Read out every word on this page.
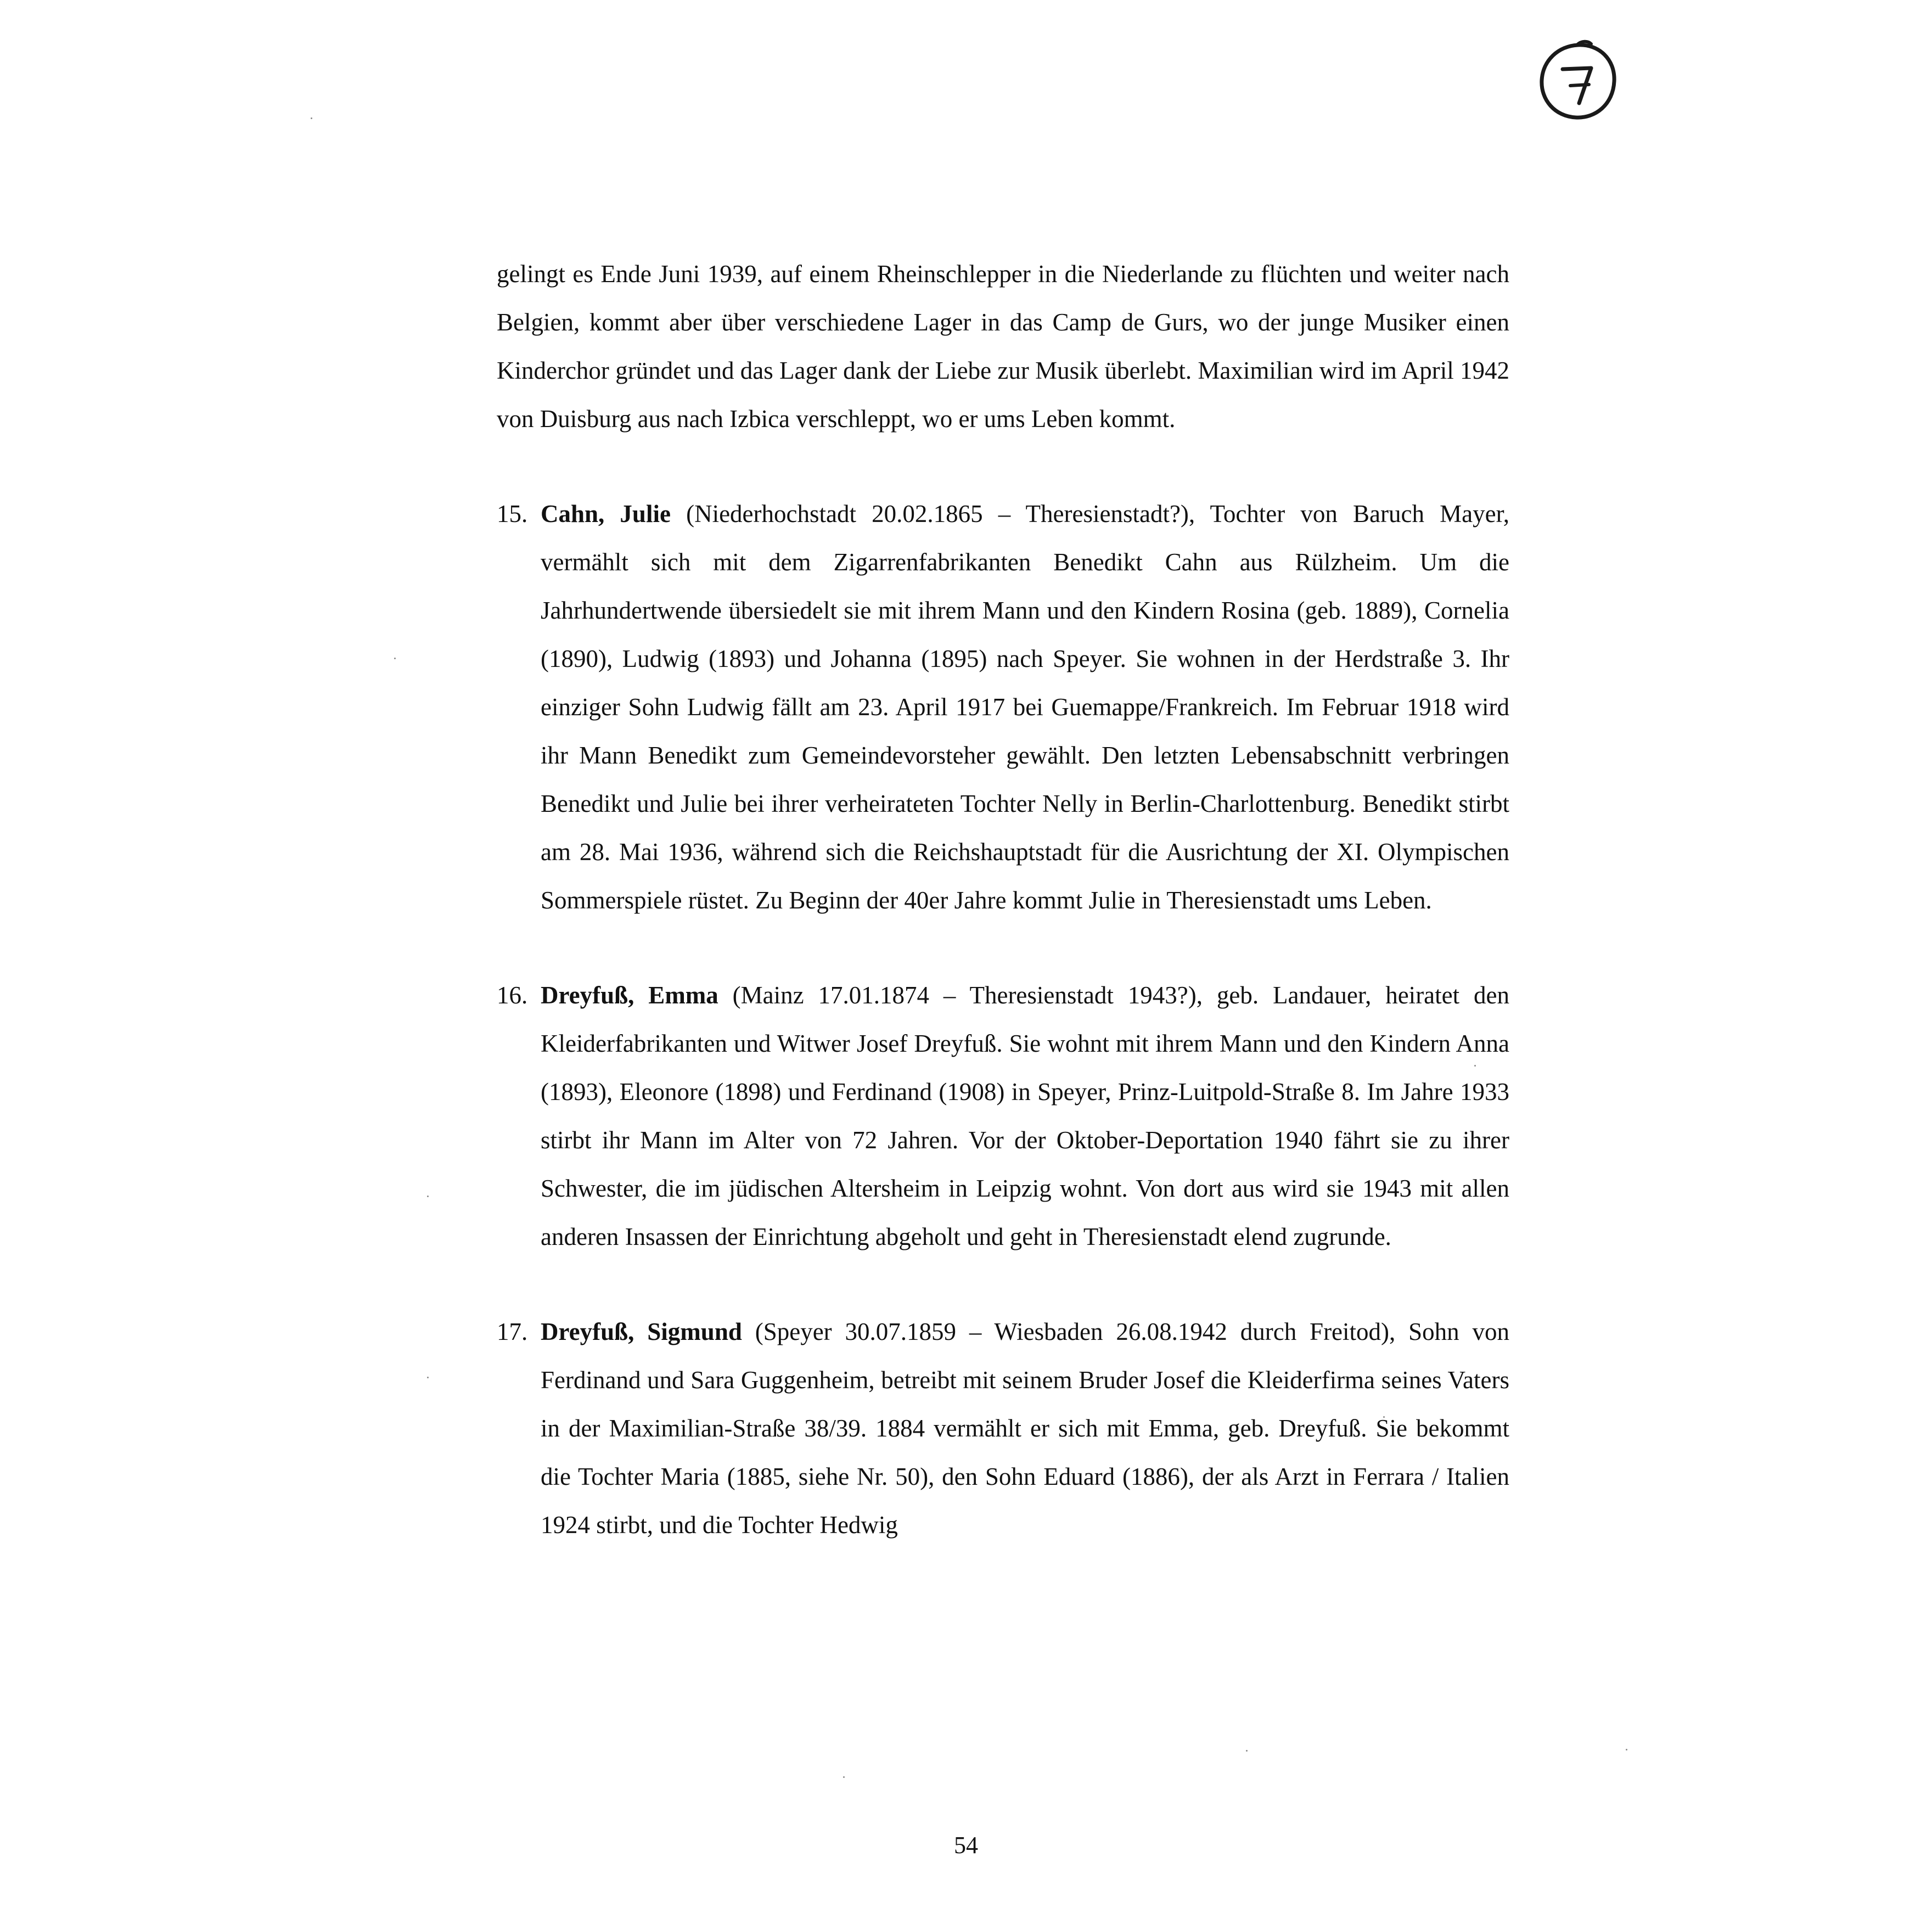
gelingt es Ende Juni 1939, auf einem Rheinschlepper in die Niederlande zu flüchten und weiter nach Belgien, kommt aber über verschiedene Lager in das Camp de Gurs, wo der junge Musiker einen Kinderchor gründet und das Lager dank der Liebe zur Musik überlebt. Maximilian wird im April 1942 von Duisburg aus nach Izbica verschleppt, wo er ums Leben kommt.

15. Cahn, Julie (Niederhochstadt 20.02.1865 – Theresienstadt?), Tochter von Baruch Mayer, vermählt sich mit dem Zigarrenfabrikanten Benedikt Cahn aus Rülzheim. Um die Jahrhundertwende übersiedelt sie mit ihrem Mann und den Kindern Rosina (geb. 1889), Cornelia (1890), Ludwig (1893) und Johanna (1895) nach Speyer. Sie wohnen in der Herdstraße 3. Ihr einziger Sohn Ludwig fällt am 23. April 1917 bei Guemappe/Frankreich. Im Februar 1918 wird ihr Mann Benedikt zum Gemeindevorsteher gewählt. Den letzten Lebensabschnitt verbringen Benedikt und Julie bei ihrer verheirateten Tochter Nelly in Berlin-Charlottenburg. Benedikt stirbt am 28. Mai 1936, während sich die Reichshauptstadt für die Ausrichtung der XI. Olympischen Sommerspiele rüstet. Zu Beginn der 40er Jahre kommt Julie in Theresienstadt ums Leben.
16. Dreyfuß, Emma (Mainz 17.01.1874 – Theresienstadt 1943?), geb. Landauer, heiratet den Kleiderfabrikanten und Witwer Josef Dreyfuß. Sie wohnt mit ihrem Mann und den Kindern Anna (1893), Eleonore (1898) und Ferdinand (1908) in Speyer, Prinz-Luitpold-Straße 8. Im Jahre 1933 stirbt ihr Mann im Alter von 72 Jahren. Vor der Oktober-Deportation 1940 fährt sie zu ihrer Schwester, die im jüdischen Altersheim in Leipzig wohnt. Von dort aus wird sie 1943 mit allen anderen Insassen der Einrichtung abgeholt und geht in Theresienstadt elend zugrunde.
17. Dreyfuß, Sigmund (Speyer 30.07.1859 – Wiesbaden 26.08.1942 durch Freitod), Sohn von Ferdinand und Sara Guggenheim, betreibt mit seinem Bruder Josef die Kleiderfirma seines Vaters in der Maximilian-Straße 38/39. 1884 vermählt er sich mit Emma, geb. Dreyfuß. Sie bekommt die Tochter Maria (1885, siehe Nr. 50), den Sohn Eduard (1886), der als Arzt in Ferrara / Italien 1924 stirbt, und die Tochter Hedwig
54
